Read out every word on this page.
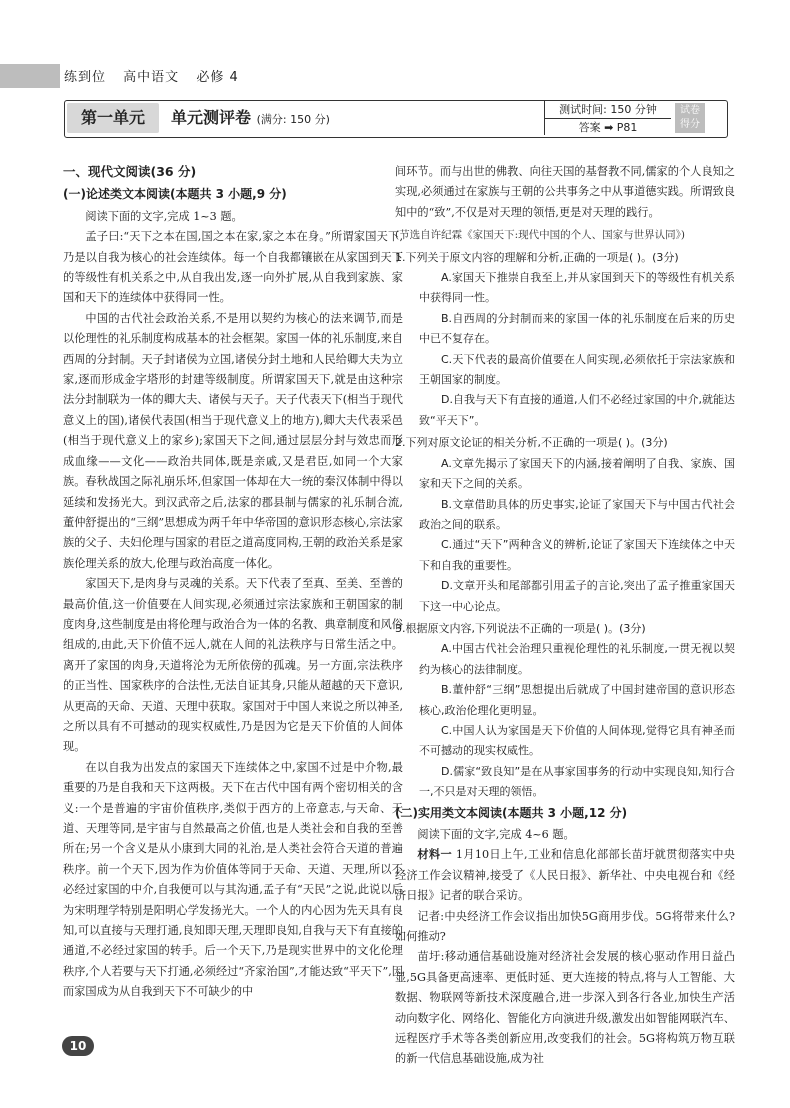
练到位 高中语文 必修 4
第一单元	单元测评卷 (满分: 150 分)
测试时间: 150 分钟
答案 ➡ P81
试卷
得分
一、现代文阅读(36 分)
(一)论述类文本阅读(本题共 3 小题,9 分)

阅读下面的文字,完成 1~3 题。

孟子曰:“天下之本在国,国之本在家,家之本在身。”所谓家国天下,乃是以自我为核心的社会连续体。每一个自我都镶嵌在从家国到天下的等级性有机关系之中,从自我出发,逐一向外扩展,从自我到家族、家国和天下的连续体中获得同一性。

中国的古代社会政治关系,不是用以契约为核心的法来调节,而是以伦理性的礼乐制度构成基本的社会框架。家国一体的礼乐制度,来自西周的分封制。天子封诸侯为立国,诸侯分封土地和人民给卿大夫为立家,逐而形成金字塔形的封建等级制度。所谓家国天下,就是由这种宗法分封制联为一体的卿大夫、诸侯与天子。天子代表天下(相当于现代意义上的国),诸侯代表国(相当于现代意义上的地方),卿大夫代表采邑(相当于现代意义上的家乡);家国天下之间,通过层层分封与效忠而形成血缘——文化——政治共同体,既是亲戚,又是君臣,如同一个大家族。春秋战国之际礼崩乐坏,但家国一体却在大一统的秦汉体制中得以延续和发扬光大。到汉武帝之后,法家的郡县制与儒家的礼乐制合流,董仲舒提出的“三纲”思想成为两千年中华帝国的意识形态核心,宗法家族的父子、夫妇伦理与国家的君臣之道高度同构,王朝的政治关系是家族伦理关系的放大,伦理与政治高度一体化。

家国天下,是肉身与灵魂的关系。天下代表了至真、至美、至善的最高价值,这一价值要在人间实现,必须通过宗法家族和王朝国家的制度肉身,这些制度是由将伦理与政治合为一体的名教、典章制度和风俗组成的,由此,天下价值不远人,就在人间的礼法秩序与日常生活之中。离开了家国的肉身,天道将沦为无所依傍的孤魂。另一方面,宗法秩序的正当性、国家秩序的合法性,无法自证其身,只能从超越的天下意识,从更高的天命、天道、天理中获取。家国对于中国人来说之所以神圣,之所以具有不可撼动的现实权威性,乃是因为它是天下价值的人间体现。

在以自我为出发点的家国天下连续体之中,家国不过是中介物,最重要的乃是自我和天下这两极。天下在古代中国有两个密切相关的含义:一个是普遍的宇宙价值秩序,类似于西方的上帝意志,与天命、天道、天理等同,是宇宙与自然最高之价值,也是人类社会和自我的至善所在;另一个含义是从小康到大同的礼治,是人类社会符合天道的普遍秩序。前一个天下,因为作为价值体等同于天命、天道、天理,所以不必经过家国的中介,自我便可以与其沟通,孟子有“天民”之说,此说以后为宋明理学特别是阳明心学发扬光大。一个人的内心因为先天具有良知,可以直接与天理打通,良知即天理,天理即良知,自我与天下有直接的通道,不必经过家国的转手。后一个天下,乃是现实世界中的文化伦理秩序,个人若要与天下打通,必须经过“齐家治国”,才能达致“平天下”,因而家国成为从自我到天下不可缺少的中

间环节。而与出世的佛教、向往天国的基督教不同,儒家的个人良知之实现,必须通过在家族与王朝的公共事务之中从事道德实践。所谓致良知中的“致”,不仅是对天理的领悟,更是对天理的践行。

(节选自许纪霖《家国天下:现代中国的个人、国家与世界认同》)
1.下列关于原文内容的理解和分析,正确的一项是( )。(3分)

A.家国天下推崇自我至上,并从家国到天下的等级性有机关系中获得同一性。

B.自西周的分封制而来的家国一体的礼乐制度在后来的历史中已不复存在。

C.天下代表的最高价值要在人间实现,必须依托于宗法家族和王朝国家的制度。

D.自我与天下有直接的通道,人们不必经过家国的中介,就能达致“平天下”。

2.下列对原文论证的相关分析,不正确的一项是( )。(3分)

A.文章先揭示了家国天下的内涵,接着阐明了自我、家族、国家和天下之间的关系。

B.文章借助具体的历史事实,论证了家国天下与中国古代社会政治之间的联系。

C.通过“天下”两种含义的辨析,论证了家国天下连续体之中天下和自我的重要性。

D.文章开头和尾部都引用孟子的言论,突出了孟子推重家国天下这一中心论点。

3.根据原文内容,下列说法不正确的一项是( )。(3分)

A.中国古代社会治理只重视伦理性的礼乐制度,一贯无视以契约为核心的法律制度。

B.董仲舒“三纲”思想提出后就成了中国封建帝国的意识形态核心,政治伦理化更明显。

C.中国人认为家国是天下价值的人间体现,觉得它具有神圣而不可撼动的现实权威性。

D.儒家“致良知”是在从事家国事务的行动中实现良知,知行合一,不只是对天理的领悟。

(二)实用类文本阅读(本题共 3 小题,12 分)

阅读下面的文字,完成 4~6 题。

材料一 1月10日上午,工业和信息化部部长苗圩就贯彻落实中央经济工作会议精神,接受了《人民日报》、新华社、中央电视台和《经济日报》记者的联合采访。

记者:中央经济工作会议指出加快5G商用步伐。5G将带来什么?如何推动?

苗圩:移动通信基础设施对经济社会发展的核心驱动作用日益凸显,5G具备更高速率、更低时延、更大连接的特点,将与人工智能、大数据、物联网等新技术深度融合,进一步深入到各行各业,加快生产活动向数字化、网络化、智能化方向演进升级,激发出如智能网联汽车、远程医疗手术等各类创新应用,改变我们的社会。5G将构筑万物互联的新一代信息基础设施,成为社

10
